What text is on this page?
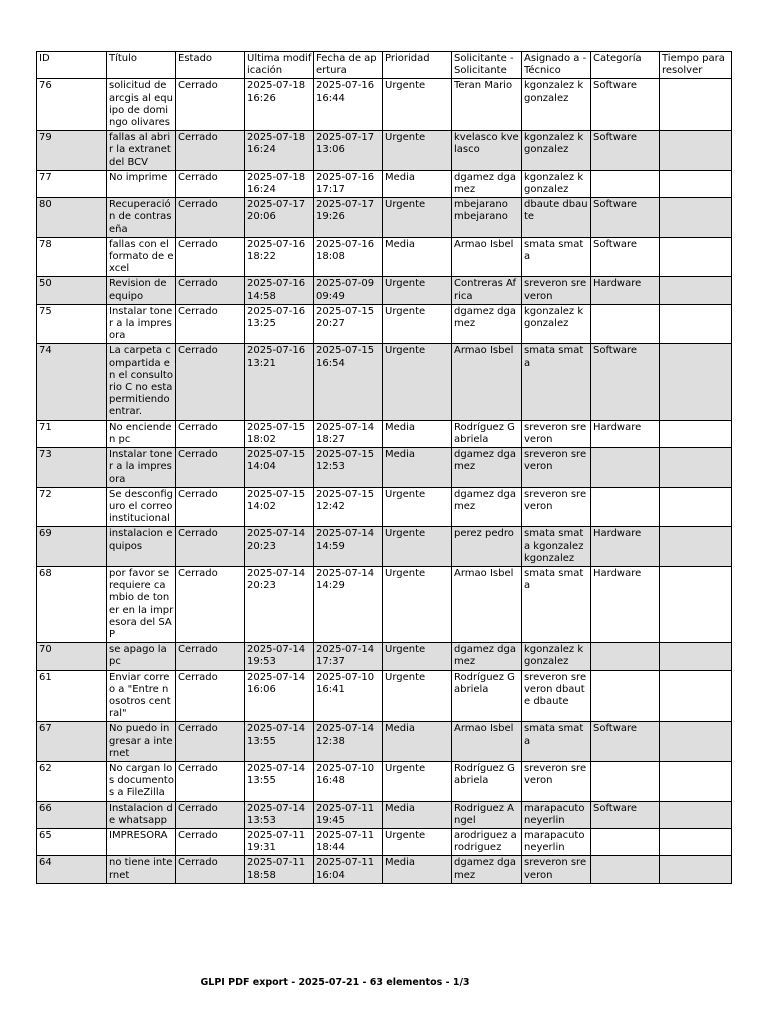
ID	Título	Estado	Ultima modificación	Fecha de apertura	Prioridad	Solicitante - Solicitante	Asignado a - Técnico	Categoría	Tiempo para resolver
76	solicitud de arcgis al equipo de domingo olivares	Cerrado	2025-07-18 16:26	2025-07-16 16:44	Urgente	Teran Mario	kgonzalez kgonzalez	Software	
79	fallas al abrir la extranet del BCV	Cerrado	2025-07-18 16:24	2025-07-17 13:06	Urgente	kvelasco kvelasco	kgonzalez kgonzalez	Software	
77	No imprime	Cerrado	2025-07-18 16:24	2025-07-16 17:17	Media	dgamez dgamez	kgonzalez kgonzalez		
80	Recuperación de contraseña	Cerrado	2025-07-17 20:06	2025-07-17 19:26	Urgente	mbejarano mbejarano	dbaute dbaute	Software	
78	fallas con el formato de excel	Cerrado	2025-07-16 18:22	2025-07-16 18:08	Media	Armao Isbel	smata smata	Software	
50	Revision de equipo	Cerrado	2025-07-16 14:58	2025-07-09 09:49	Urgente	Contreras Africa	sreveron sreveron	Hardware	
75	Instalar toner a la impresora	Cerrado	2025-07-16 13:25	2025-07-15 20:27	Urgente	dgamez dgamez	kgonzalez kgonzalez		
74	La carpeta compartida en el consultorio C no esta permitiendo entrar.	Cerrado	2025-07-16 13:21	2025-07-15 16:54	Urgente	Armao Isbel	smata smata	Software	
71	No encienden pc	Cerrado	2025-07-15 18:02	2025-07-14 18:27	Media	Rodríguez Gabriela	sreveron sreveron	Hardware	
73	Instalar toner a la impresora	Cerrado	2025-07-15 14:04	2025-07-15 12:53	Media	dgamez dgamez	sreveron sreveron		
72	Se desconfiguro el correo institucional	Cerrado	2025-07-15 14:02	2025-07-15 12:42	Urgente	dgamez dgamez	sreveron sreveron		
69	instalacion equipos	Cerrado	2025-07-14 20:23	2025-07-14 14:59	Urgente	perez pedro	smata smata kgonzalez kgonzalez	Hardware	
68	por favor se requiere cambio de toner en la impresora del SAP	Cerrado	2025-07-14 20:23	2025-07-14 14:29	Urgente	Armao Isbel	smata smata	Hardware	
70	se apago la pc	Cerrado	2025-07-14 19:53	2025-07-14 17:37	Urgente	dgamez dgamez	kgonzalez kgonzalez		
61	Enviar correo a "Entre nosotros central"	Cerrado	2025-07-14 16:06	2025-07-10 16:41	Urgente	Rodríguez Gabriela	sreveron sreveron dbaute dbaute		
67	No puedo ingresar a internet	Cerrado	2025-07-14 13:55	2025-07-14 12:38	Media	Armao Isbel	smata smata	Software	
62	No cargan los documentos a FileZilla	Cerrado	2025-07-14 13:55	2025-07-10 16:48	Urgente	Rodríguez Gabriela	sreveron sreveron		
66	Instalacion de whatsapp	Cerrado	2025-07-14 13:53	2025-07-11 19:45	Media	Rodriguez Angel	marapacuto neyerlin	Software	
65	IMPRESORA	Cerrado	2025-07-11 19:31	2025-07-11 18:44	Urgente	arodriguez arodriguez	marapacuto neyerlin		
64	no tiene internet	Cerrado	2025-07-11 18:58	2025-07-11 16:04	Media	dgamez dgamez	sreveron sreveron		
GLPI PDF export - 2025-07-21 - 63 elementos - 1/3
